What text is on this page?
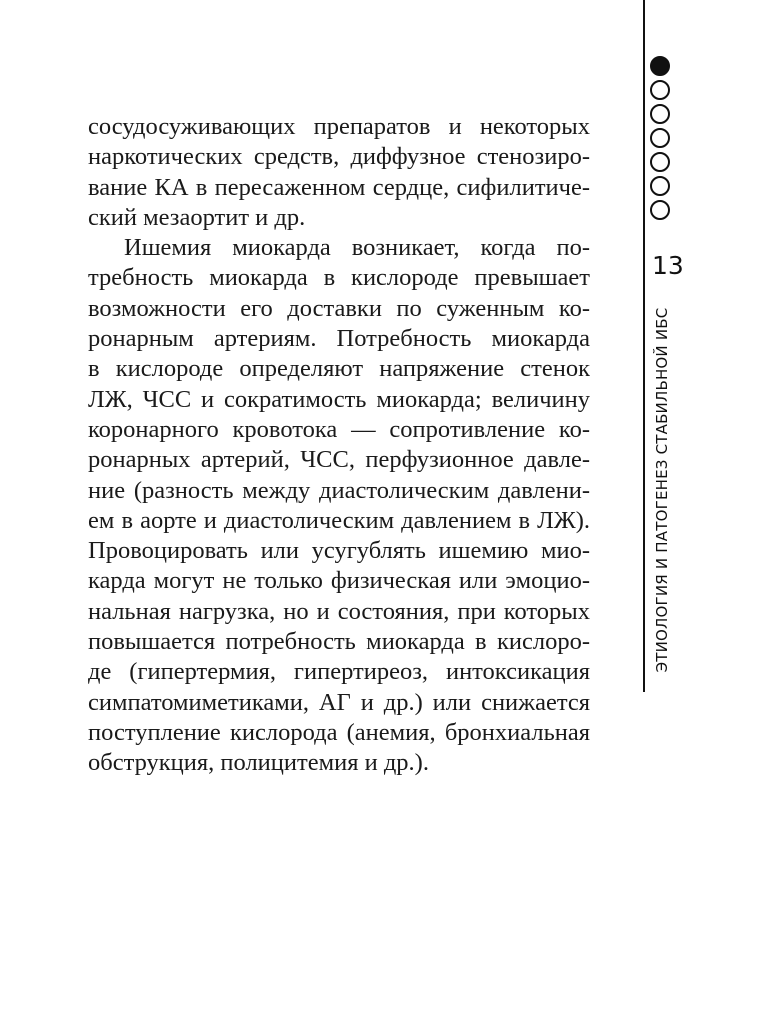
сосудосуживающих препаратов и некоторых
наркотических средств, диффузное стенозиро-
вание КА в пересаженном сердце, сифилитиче-
ский мезаортит и др.
Ишемия миокарда возникает, когда по-
требность миокарда в кислороде превышает
возможности его доставки по суженным ко-
ронарным артериям. Потребность миокарда
в кислороде определяют напряжение стенок
ЛЖ, ЧСС и сократимость миокарда; величину
коронарного кровотока — сопротивление ко-
ронарных артерий, ЧСС, перфузионное давле-
ние (разность между диастолическим давлени-
ем в аорте и диастолическим давлением в ЛЖ).
Провоцировать или усугублять ишемию мио-
карда могут не только физическая или эмоцио-
нальная нагрузка, но и состояния, при которых
повышается потребность миокарда в кислоро-
де (гипертермия, гипертиреоз, интоксикация
симпатомиметиками, АГ и др.) или снижается
поступление кислорода (анемия, бронхиальная
обструкция, полицитемия и др.).
13
ЭТИОЛОГИЯ И ПАТОГЕНЕЗ СТАБИЛЬНОЙ ИБС
